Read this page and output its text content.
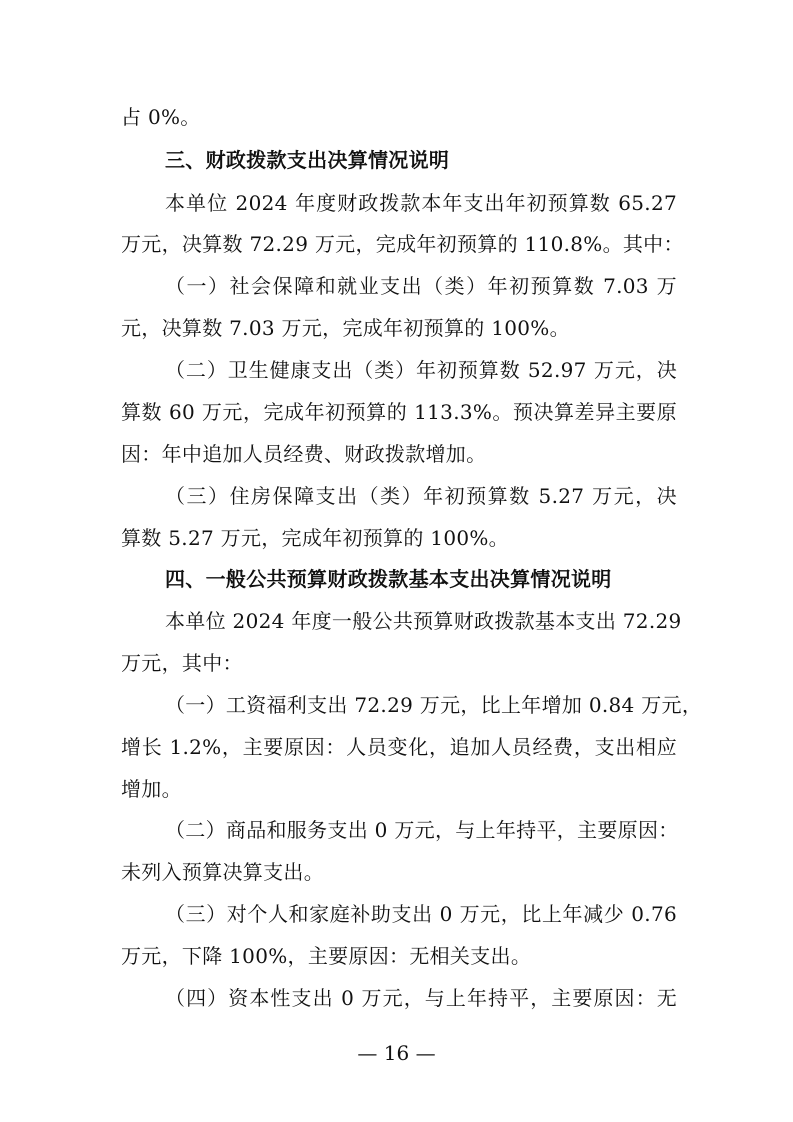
占 0%。
三、财政拨款支出决算情况说明
本单位 2024 年度财政拨款本年支出年初预算数 65.27
万元，决算数 72.29 万元，完成年初预算的 110.8%。其中：
（一）社会保障和就业支出（类）年初预算数 7.03 万
元，决算数 7.03 万元，完成年初预算的 100%。
（二）卫生健康支出（类）年初预算数 52.97 万元，决
算数 60 万元，完成年初预算的 113.3%。预决算差异主要原
因：年中追加人员经费、财政拨款增加。
（三）住房保障支出（类）年初预算数 5.27 万元，决
算数 5.27 万元，完成年初预算的 100%。
四、一般公共预算财政拨款基本支出决算情况说明
本单位 2024 年度一般公共预算财政拨款基本支出 72.29
万元，其中：
（一）工资福利支出 72.29 万元，比上年增加 0.84 万元，
增长 1.2%，主要原因：人员变化，追加人员经费，支出相应
增加。
（二）商品和服务支出 0 万元，与上年持平，主要原因：
未列入预算决算支出。
（三）对个人和家庭补助支出 0 万元，比上年减少 0.76
万元，下降 100%，主要原因：无相关支出。
（四）资本性支出 0 万元，与上年持平，主要原因：无
— 16 —
